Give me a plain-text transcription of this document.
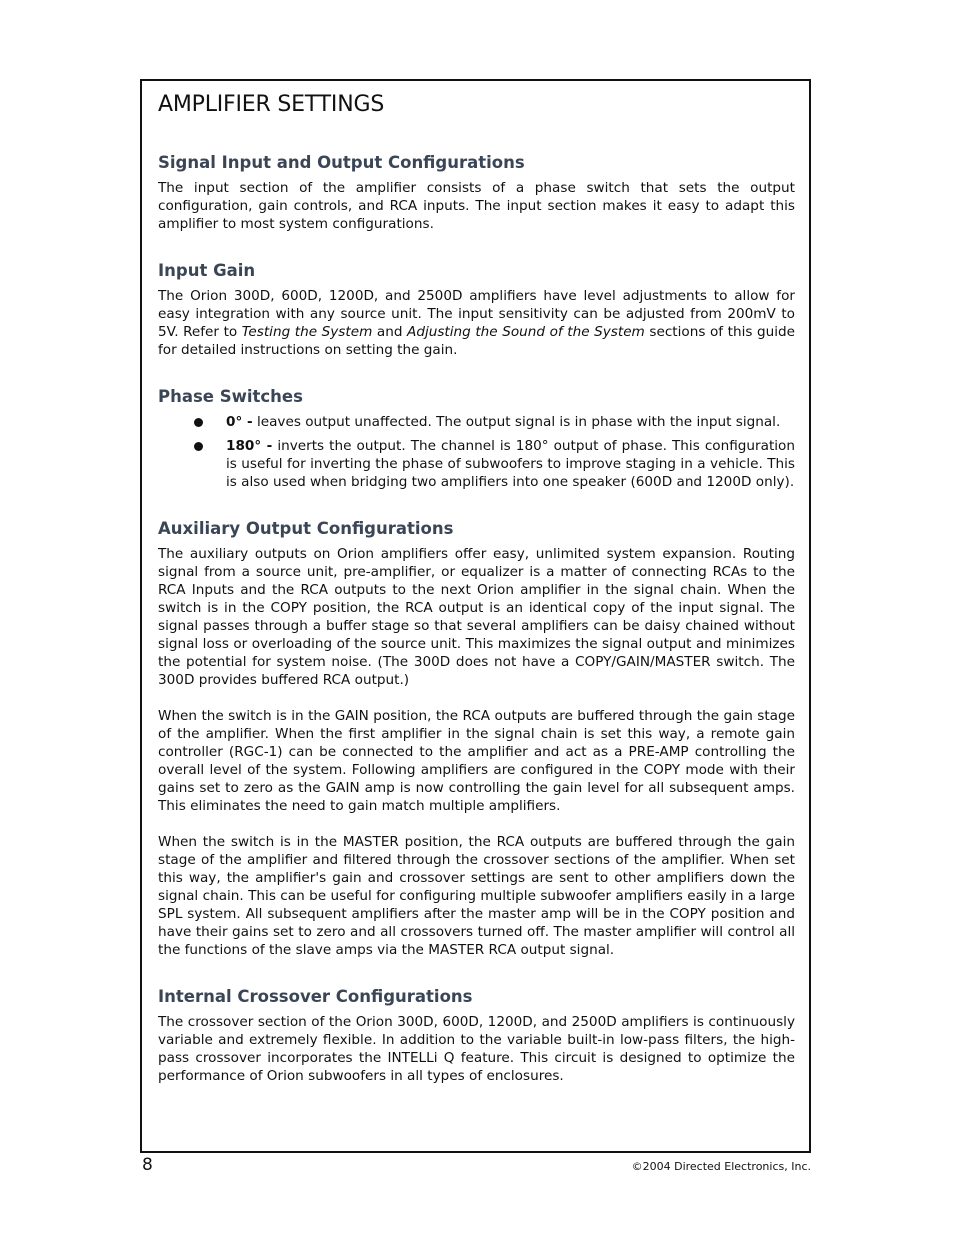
AMPLIFIER SETTINGS
Signal Input and Output Configurations

The input section of the amplifier consists of a phase switch that sets the output configuration, gain controls, and RCA inputs. The input section makes it easy to adapt this amplifier to most system configurations.

Input Gain

The Orion 300D, 600D, 1200D, and 2500D amplifiers have level adjustments to allow for easy integration with any source unit. The input sensitivity can be adjusted from 200mV to 5V. Refer to Testing the System and Adjusting the Sound of the System sections of this guide for detailed instructions on setting the gain.

Phase Switches
0° - leaves output unaffected. The output signal is in phase with the input signal.
180° - inverts the output. The channel is 180° output of phase. This configuration is useful for inverting the phase of subwoofers to improve staging in a vehicle. This is also used when bridging two amplifiers into one speaker (600D and 1200D only).
Auxiliary Output Configurations

The auxiliary outputs on Orion amplifiers offer easy, unlimited system expansion. Routing signal from a source unit, pre-amplifier, or equalizer is a matter of connecting RCAs to the RCA Inputs and the RCA outputs to the next Orion amplifier in the signal chain. When the switch is in the COPY position, the RCA output is an identical copy of the input signal. The signal passes through a buffer stage so that several amplifiers can be daisy chained without signal loss or overloading of the source unit. This maximizes the signal output and minimizes the potential for system noise. (The 300D does not have a COPY/GAIN/MASTER switch. The 300D provides buffered RCA output.)

When the switch is in the GAIN position, the RCA outputs are buffered through the gain stage of the amplifier. When the first amplifier in the signal chain is set this way, a remote gain controller (RGC-1) can be connected to the amplifier and act as a PRE-AMP controlling the overall level of the system. Following amplifiers are configured in the COPY mode with their gains set to zero as the GAIN amp is now controlling the gain level for all subsequent amps. This eliminates the need to gain match multiple amplifiers.

When the switch is in the MASTER position, the RCA outputs are buffered through the gain stage of the amplifier and filtered through the crossover sections of the amplifier. When set this way, the amplifier's gain and crossover settings are sent to other amplifiers down the signal chain. This can be useful for configuring multiple subwoofer amplifiers easily in a large SPL system. All subsequent amplifiers after the master amp will be in the COPY position and have their gains set to zero and all crossovers turned off. The master amplifier will control all the functions of the slave amps via the MASTER RCA output signal.

Internal Crossover Configurations

The crossover section of the Orion 300D, 600D, 1200D, and 2500D amplifiers is continuously variable and extremely flexible. In addition to the variable built-in low-pass filters, the high-pass crossover incorporates the INTELLi Q feature. This circuit is designed to optimize the performance of Orion subwoofers in all types of enclosures.

8	©2004 Directed Electronics, Inc.
